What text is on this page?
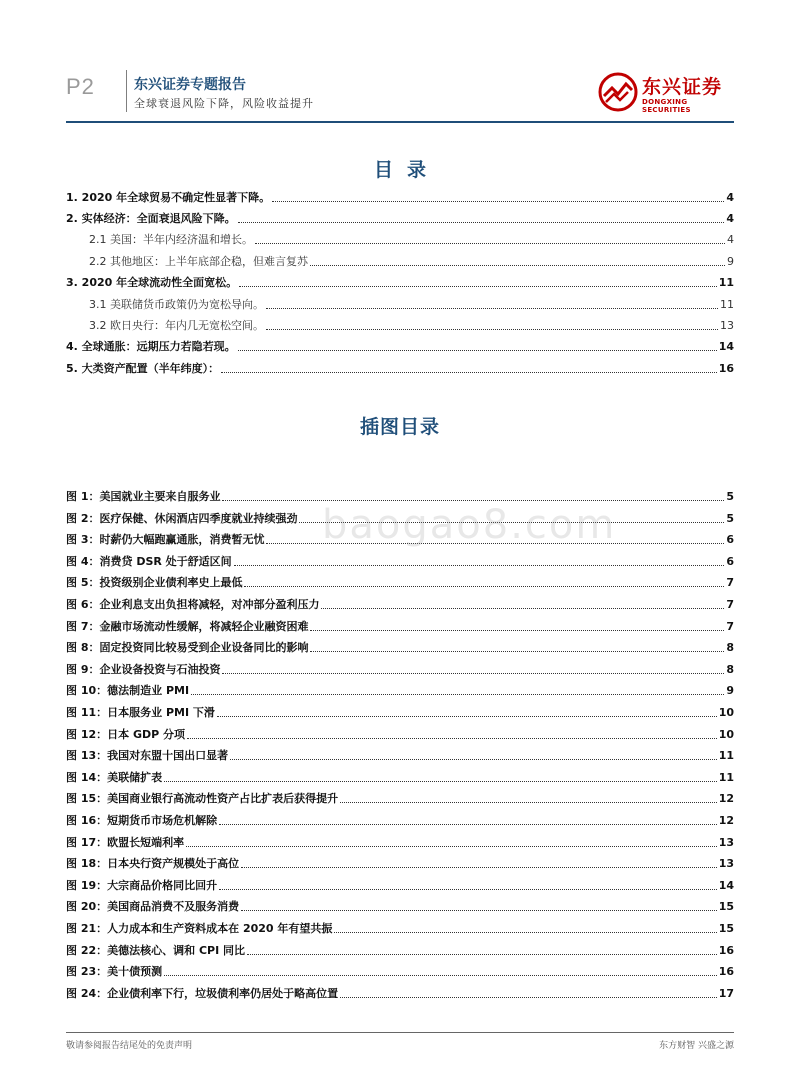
P2	东兴证券专题报告
全球衰退风险下降，风险收益提升
东兴证券
DONGXING SECURITIES
目录
1. 2020 年全球贸易不确定性显著下降。	4
2. 实体经济：全面衰退风险下降。	4
2.1 美国：半年内经济温和增长。	4
2.2 其他地区：上半年底部企稳，但难言复苏	9
3. 2020 年全球流动性全面宽松。	11
3.1 美联储货币政策仍为宽松导向。	11
3.2 欧日央行：年内几无宽松空间。	13
4. 全球通胀：远期压力若隐若现。	14
5. 大类资产配置（半年纬度）：	16
插图目录
图 1：美国就业主要来自服务业	5
图 2：医疗保健、休闲酒店四季度就业持续强劲	5
图 3：时薪仍大幅跑赢通胀，消费暂无忧	6
图 4：消费贷 DSR 处于舒适区间	6
图 5：投资级别企业债利率史上最低	7
图 6：企业利息支出负担将减轻，对冲部分盈利压力	7
图 7：金融市场流动性缓解，将减轻企业融资困难	7
图 8：固定投资同比较易受到企业设备同比的影响	8
图 9：企业设备投资与石油投资	8
图 10：德法制造业 PMI	9
图 11：日本服务业 PMI 下滑	10
图 12：日本 GDP 分项	10
图 13：我国对东盟十国出口显著	11
图 14：美联储扩表	11
图 15：美国商业银行高流动性资产占比扩表后获得提升	12
图 16：短期货币市场危机解除	12
图 17：欧盟长短端利率	13
图 18：日本央行资产规模处于高位	13
图 19：大宗商品价格同比回升	14
图 20：美国商品消费不及服务消费	15
图 21：人力成本和生产资料成本在 2020 年有望共振	15
图 22：美德法核心、调和 CPI 同比	16
图 23：美十债预测	16
图 24：企业债利率下行，垃圾债利率仍居处于略高位置	17
baogao8.com
敬请参阅报告结尾处的免责声明	东方财智 兴盛之源
